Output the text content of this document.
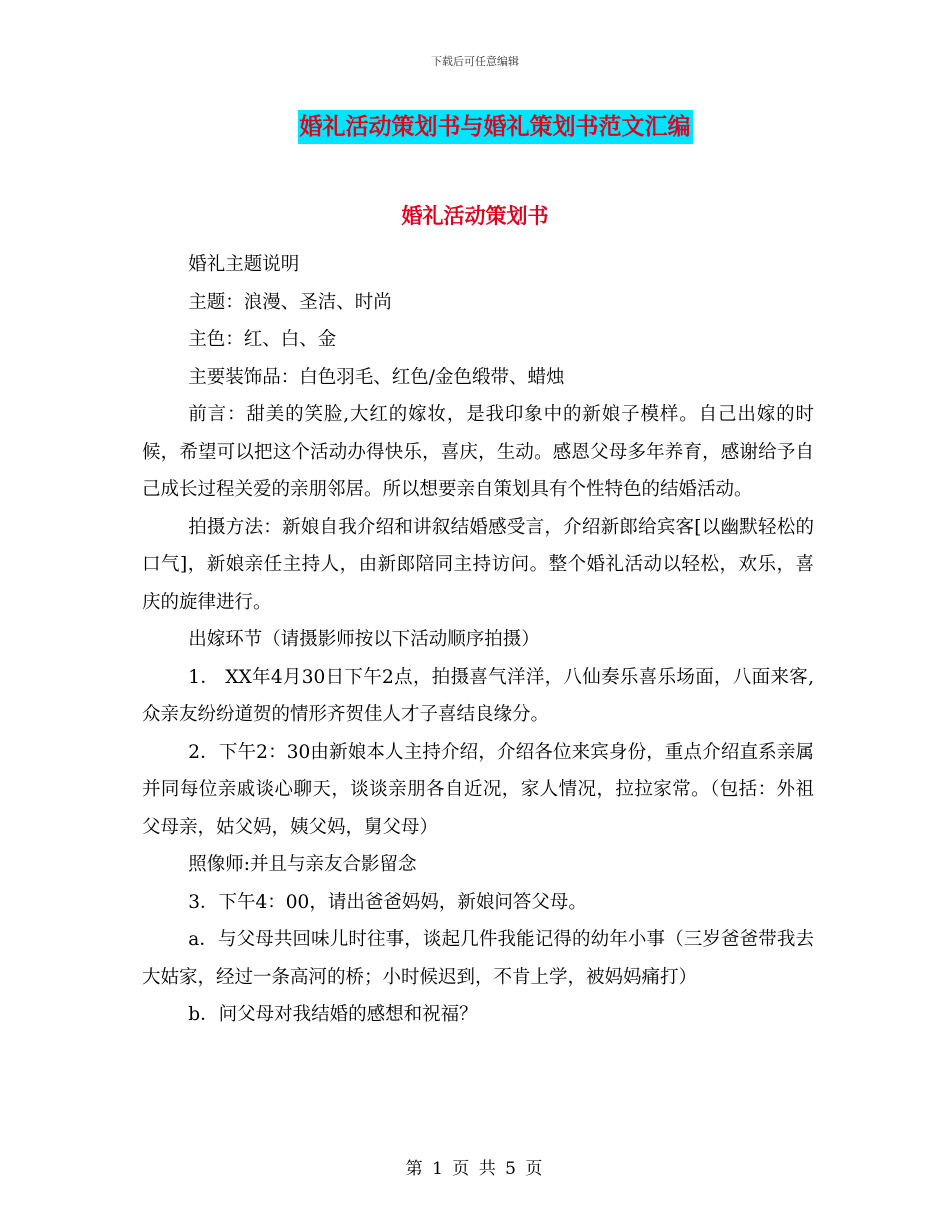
下载后可任意编辑
婚礼活动策划书与婚礼策划书范文汇编
婚礼活动策划书

婚礼主题说明

主题：浪漫、圣洁、时尚

主色：红、白、金

主要装饰品：白色羽毛、红色/金色缎带、蜡烛

前言：甜美的笑脸,大红的嫁妆，是我印象中的新娘子模样。自己出嫁的时候，希望可以把这个活动办得快乐，喜庆，生动。感恩父母多年养育，感谢给予自己成长过程关爱的亲朋邻居。所以想要亲自策划具有个性特色的结婚活动。

拍摄方法：新娘自我介绍和讲叙结婚感受言，介绍新郎给宾客[以幽默轻松的口气]，新娘亲任主持人，由新郎陪同主持访问。整个婚礼活动以轻松，欢乐，喜庆的旋律进行。

出嫁环节（请摄影师按以下活动顺序拍摄）

1． XX年4月30日下午2点，拍摄喜气洋洋，八仙奏乐喜乐场面，八面来客,众亲友纷纷道贺的情形齐贺佳人才子喜结良缘分。

2．下午2：30由新娘本人主持介绍，介绍各位来宾身份，重点介绍直系亲属并同每位亲戚谈心聊天，谈谈亲朋各自近况，家人情况，拉拉家常。（包括：外祖父母亲，姑父妈，姨父妈，舅父母）

照像师:并且与亲友合影留念

3．下午4：00，请出爸爸妈妈，新娘问答父母。

a．与父母共回味儿时往事，谈起几件我能记得的幼年小事（三岁爸爸带我去大姑家，经过一条高河的桥；小时候迟到，不肯上学，被妈妈痛打）

b．问父母对我结婚的感想和祝福？

第 1 页 共 5 页
